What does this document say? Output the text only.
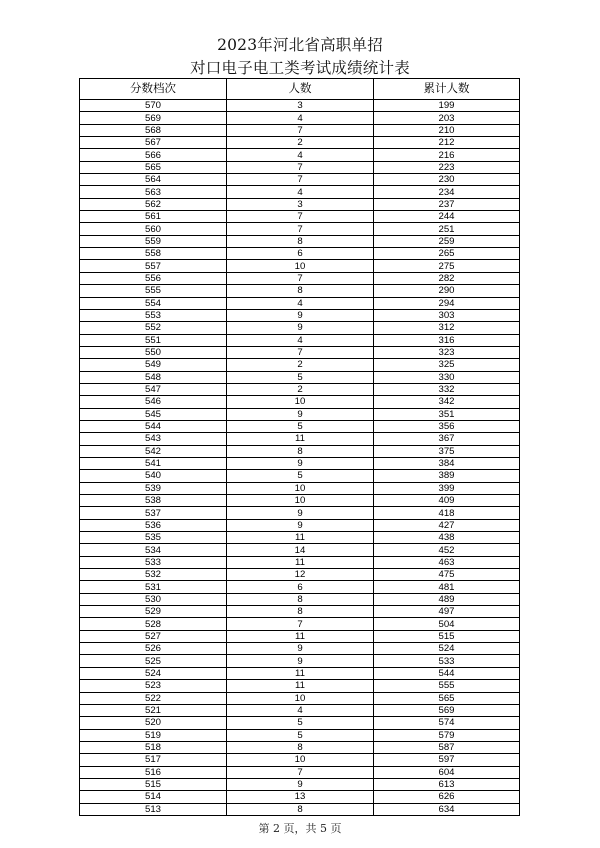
2023年河北省高职单招
对口电子电工类考试成绩统计表
分数档次	人数	累计人数
570	3	199
569	4	203
568	7	210
567	2	212
566	4	216
565	7	223
564	7	230
563	4	234
562	3	237
561	7	244
560	7	251
559	8	259
558	6	265
557	10	275
556	7	282
555	8	290
554	4	294
553	9	303
552	9	312
551	4	316
550	7	323
549	2	325
548	5	330
547	2	332
546	10	342
545	9	351
544	5	356
543	11	367
542	8	375
541	9	384
540	5	389
539	10	399
538	10	409
537	9	418
536	9	427
535	11	438
534	14	452
533	11	463
532	12	475
531	6	481
530	8	489
529	8	497
528	7	504
527	11	515
526	9	524
525	9	533
524	11	544
523	11	555
522	10	565
521	4	569
520	5	574
519	5	579
518	8	587
517	10	597
516	7	604
515	9	613
514	13	626
513	8	634
第 2 页，共 5 页
